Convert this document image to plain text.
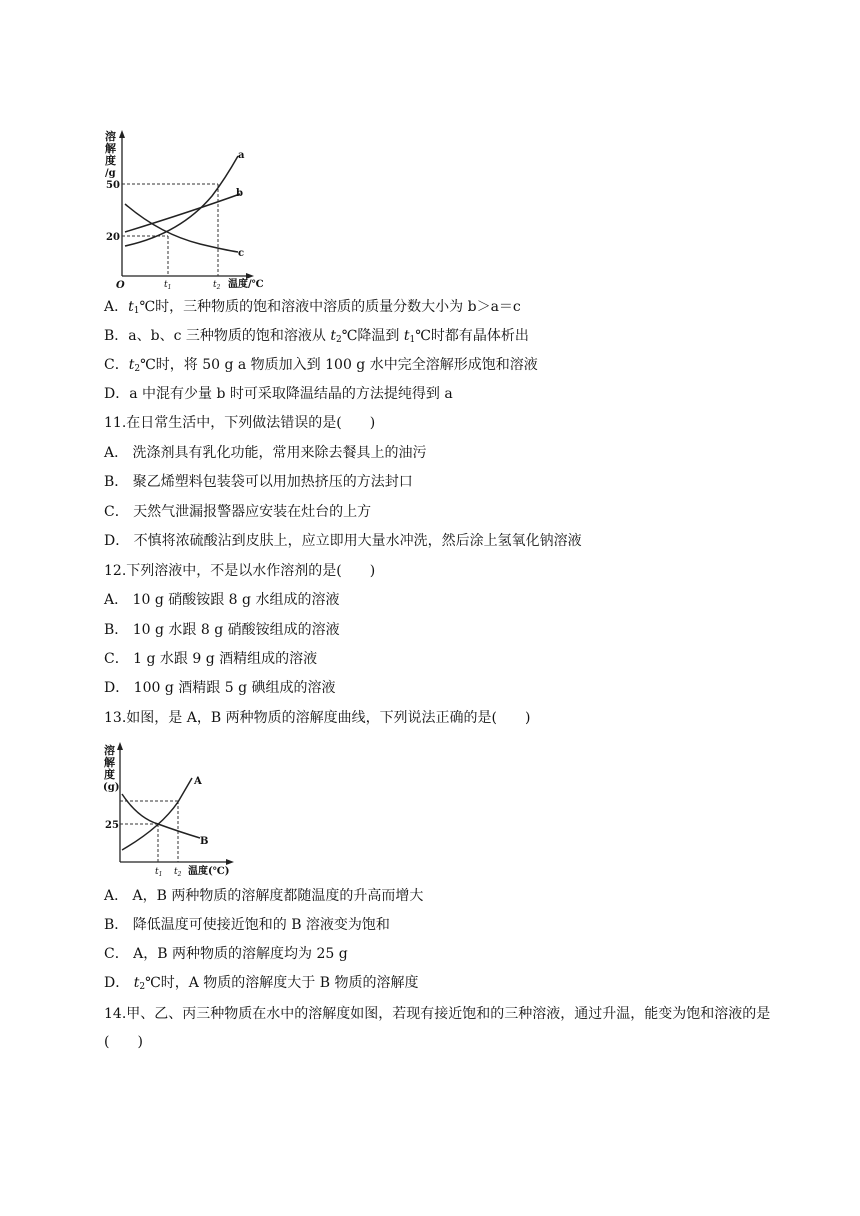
溶
解
度
/g
50
20
O	$t_1$	$t_2$ 温度/℃
a
b
c
A．$t_1℃$时，三种物质的饱和溶液中溶质的质量分数大小为 b＞a＝c
B．a、b、c 三种物质的饱和溶液从 $t_2℃$降温到 $t_1℃$时都有晶体析出
C．$t_2℃$时，将 50 g a 物质加入到 100 g 水中完全溶解形成饱和溶液
D．a 中混有少量 b 时可采取降温结晶的方法提纯得到 a
11.在日常生活中，下列做法错误的是(　　)
A． 洗涤剂具有乳化功能，常用来除去餐具上的油污
B． 聚乙烯塑料包装袋可以用加热挤压的方法封口
C． 天然气泄漏报警器应安装在灶台的上方
D． 不慎将浓硫酸沾到皮肤上，应立即用大量水冲洗，然后涂上氢氧化钠溶液
12.下列溶液中，不是以水作溶剂的是(　　)
A． 10 g 硝酸铵跟 8 g 水组成的溶液
B． 10 g 水跟 8 g 硝酸铵组成的溶液
C． 1 g 水跟 9 g 酒精组成的溶液
D． 100 g 酒精跟 5 g 碘组成的溶液
13.如图，是 A，B 两种物质的溶解度曲线，下列说法正确的是(　　)
溶
解
度
(g)
25
$t_1$ $t_2$ 温度(℃)
A
B
A． A，B 两种物质的溶解度都随温度的升高而增大
B． 降低温度可使接近饱和的 B 溶液变为饱和
C． A，B 两种物质的溶解度均为 25 g
D． $t_2℃$时，A 物质的溶解度大于 B 物质的溶解度
14.甲、乙、丙三种物质在水中的溶解度如图，若现有接近饱和的三种溶液，通过升温，能变为饱和溶液的是(　　)
